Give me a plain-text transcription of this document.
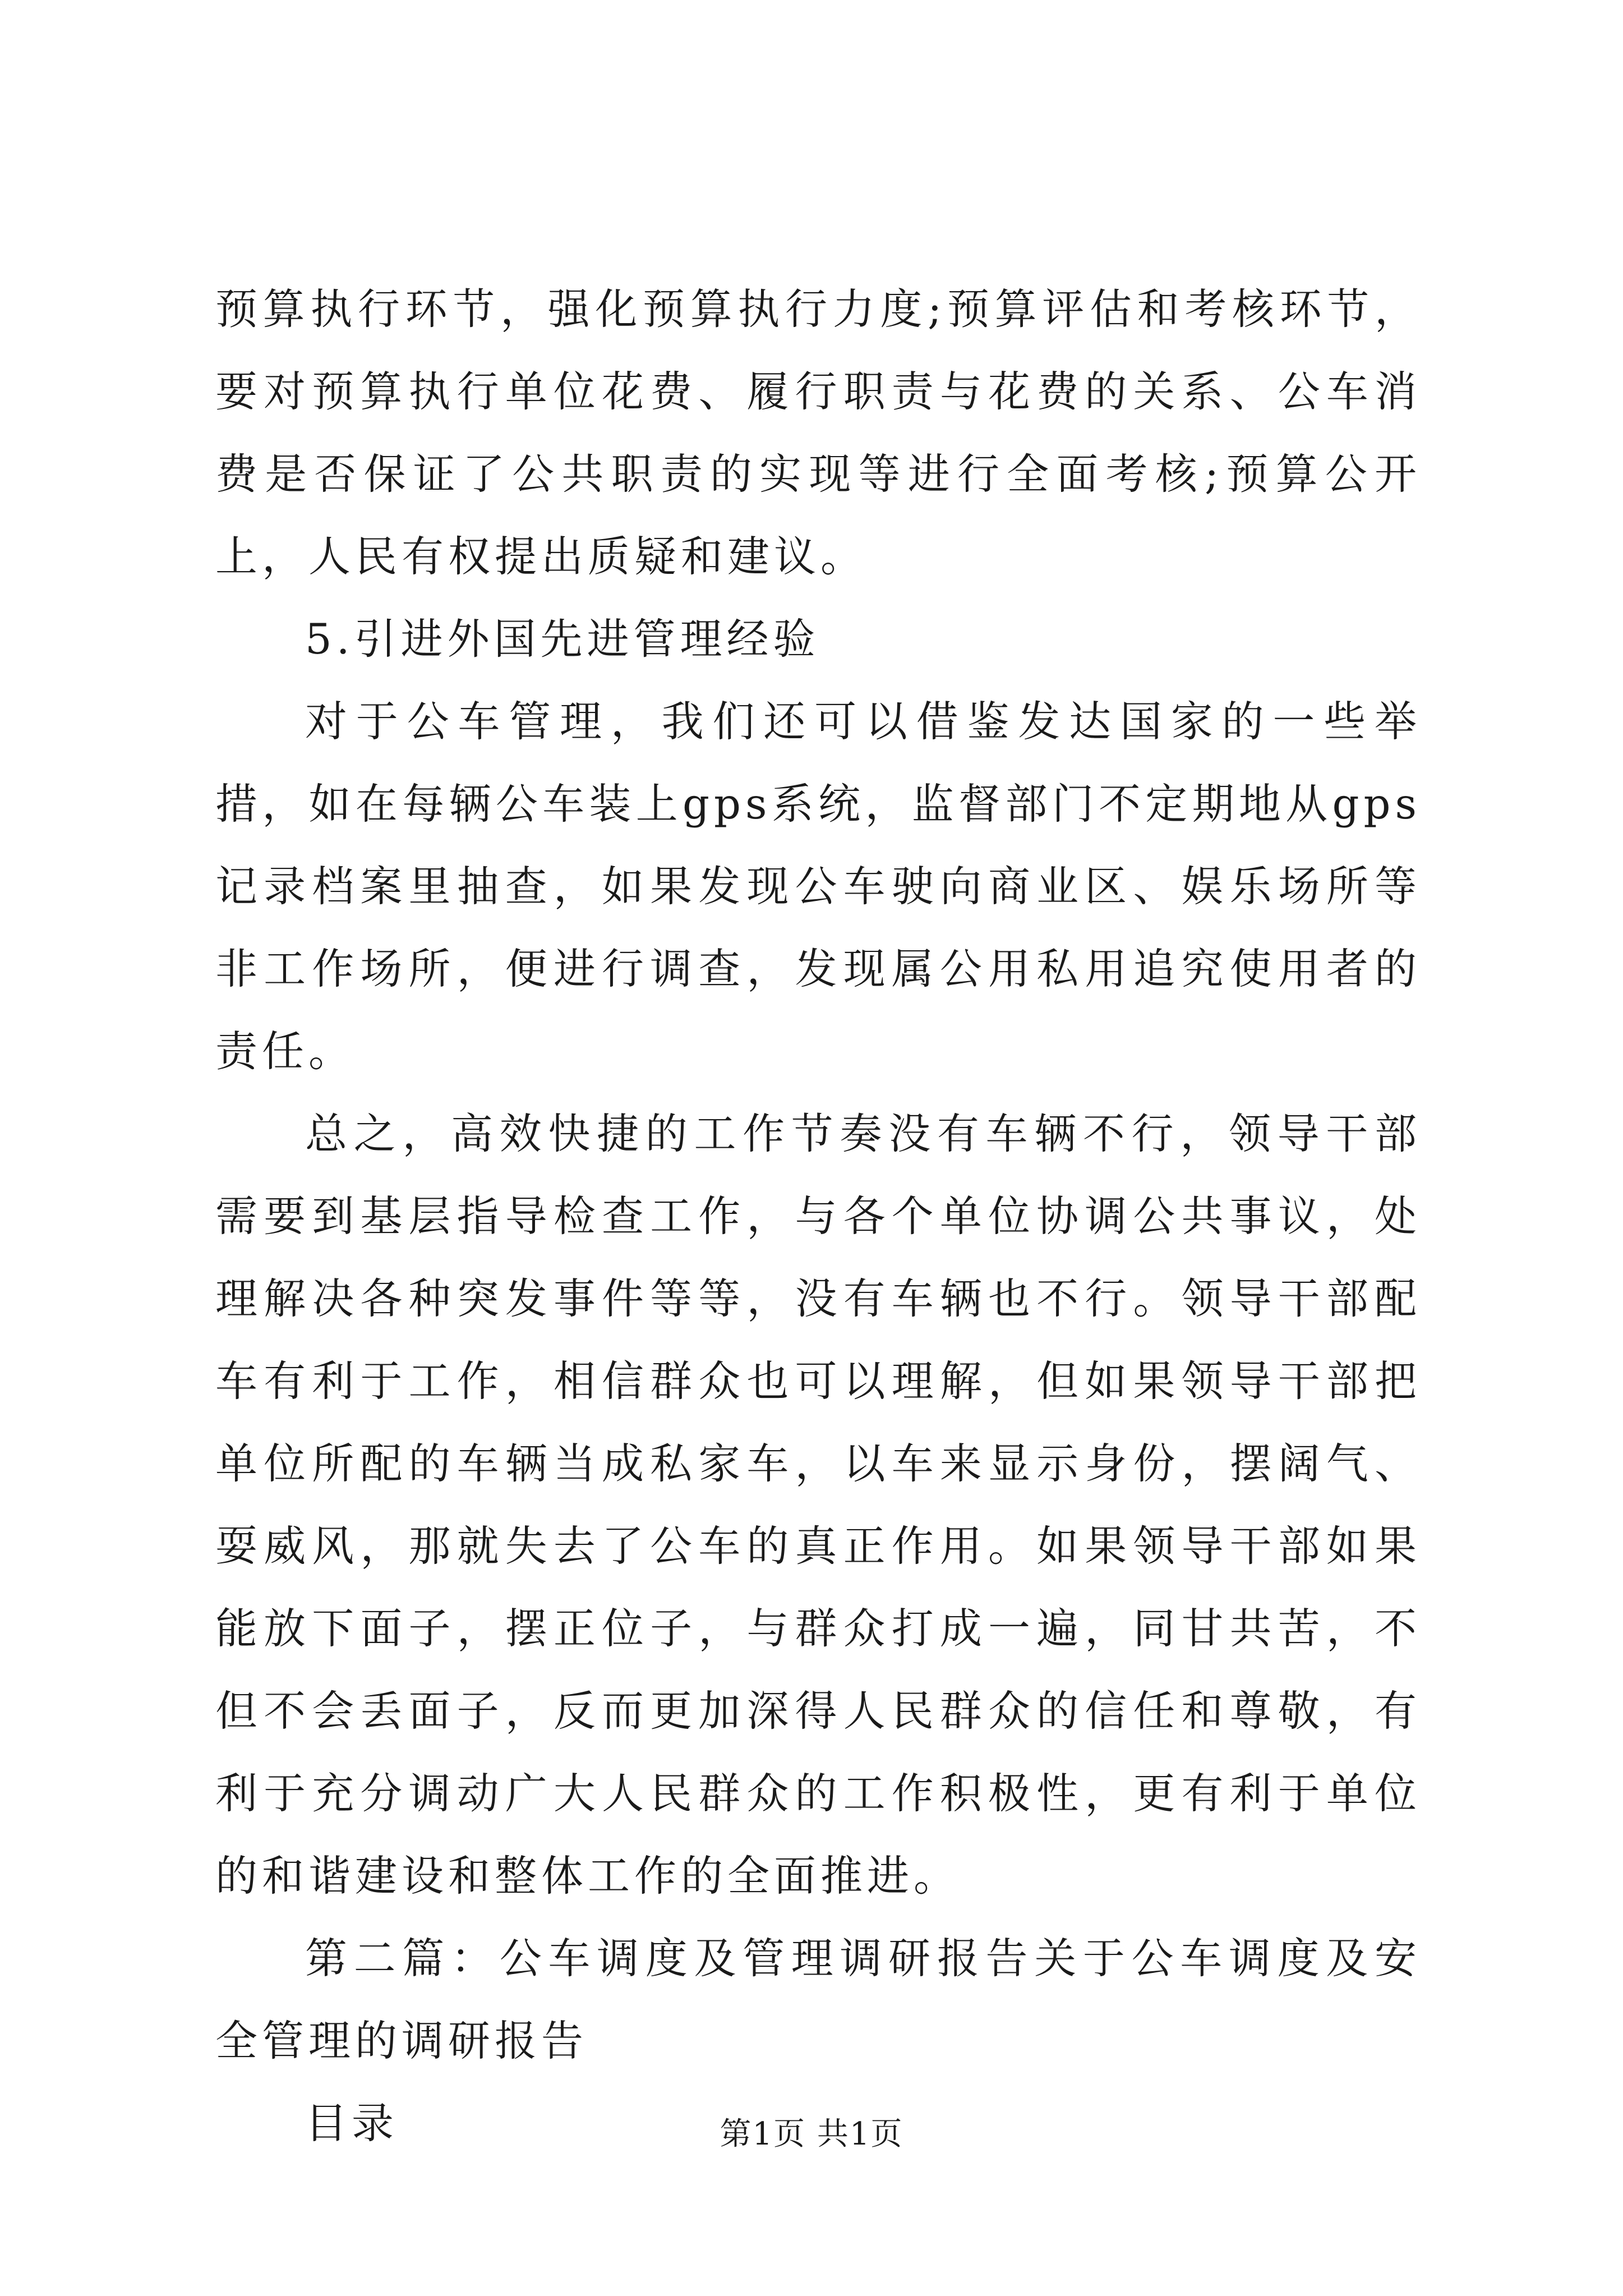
预算执行环节，强化预算执行力度;预算评估和考核环节，要对预算执行单位花费、履行职责与花费的关系、公车消费是否保证了公共职责的实现等进行全面考核;预算公开上，人民有权提出质疑和建议。

5.引进外国先进管理经验

对于公车管理，我们还可以借鉴发达国家的一些举措，如在每辆公车装上gps系统，监督部门不定期地从gps记录档案里抽查，如果发现公车驶向商业区、娱乐场所等非工作场所，便进行调查，发现属公用私用追究使用者的责任。

总之，高效快捷的工作节奏没有车辆不行，领导干部需要到基层指导检查工作，与各个单位协调公共事议，处理解决各种突发事件等等，没有车辆也不行。领导干部配车有利于工作，相信群众也可以理解，但如果领导干部把单位所配的车辆当成私家车，以车来显示身份，摆阔气、耍威风，那就失去了公车的真正作用。如果领导干部如果能放下面子，摆正位子，与群众打成一遍，同甘共苦，不但不会丢面子，反而更加深得人民群众的信任和尊敬，有利于充分调动广大人民群众的工作积极性，更有利于单位的和谐建设和整体工作的全面推进。

第二篇：公车调度及管理调研报告关于公车调度及安全管理的调研报告

目录	第1页 共1页
